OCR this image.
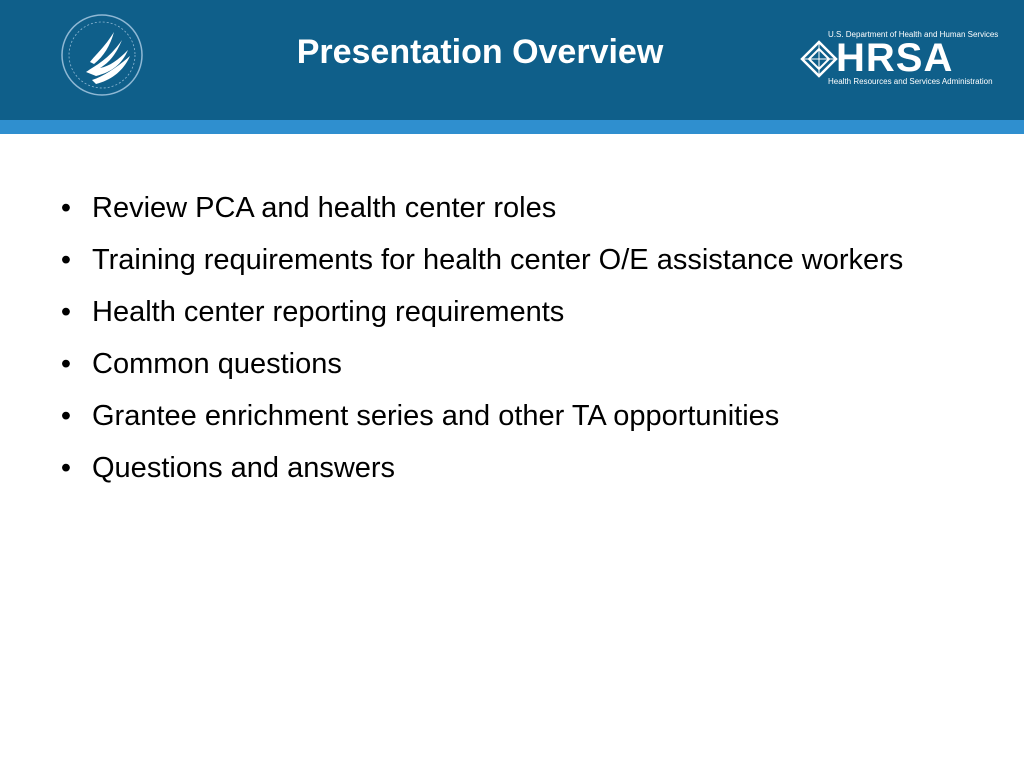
Presentation Overview	U.S. Department of Health and Human Services
HRSA
Health Resources and Services Administration
• Review PCA and health center roles
• Training requirements for health center O/E assistance workers
• Health center reporting requirements
• Common questions
• Grantee enrichment series and other TA opportunities
• Questions and answers
